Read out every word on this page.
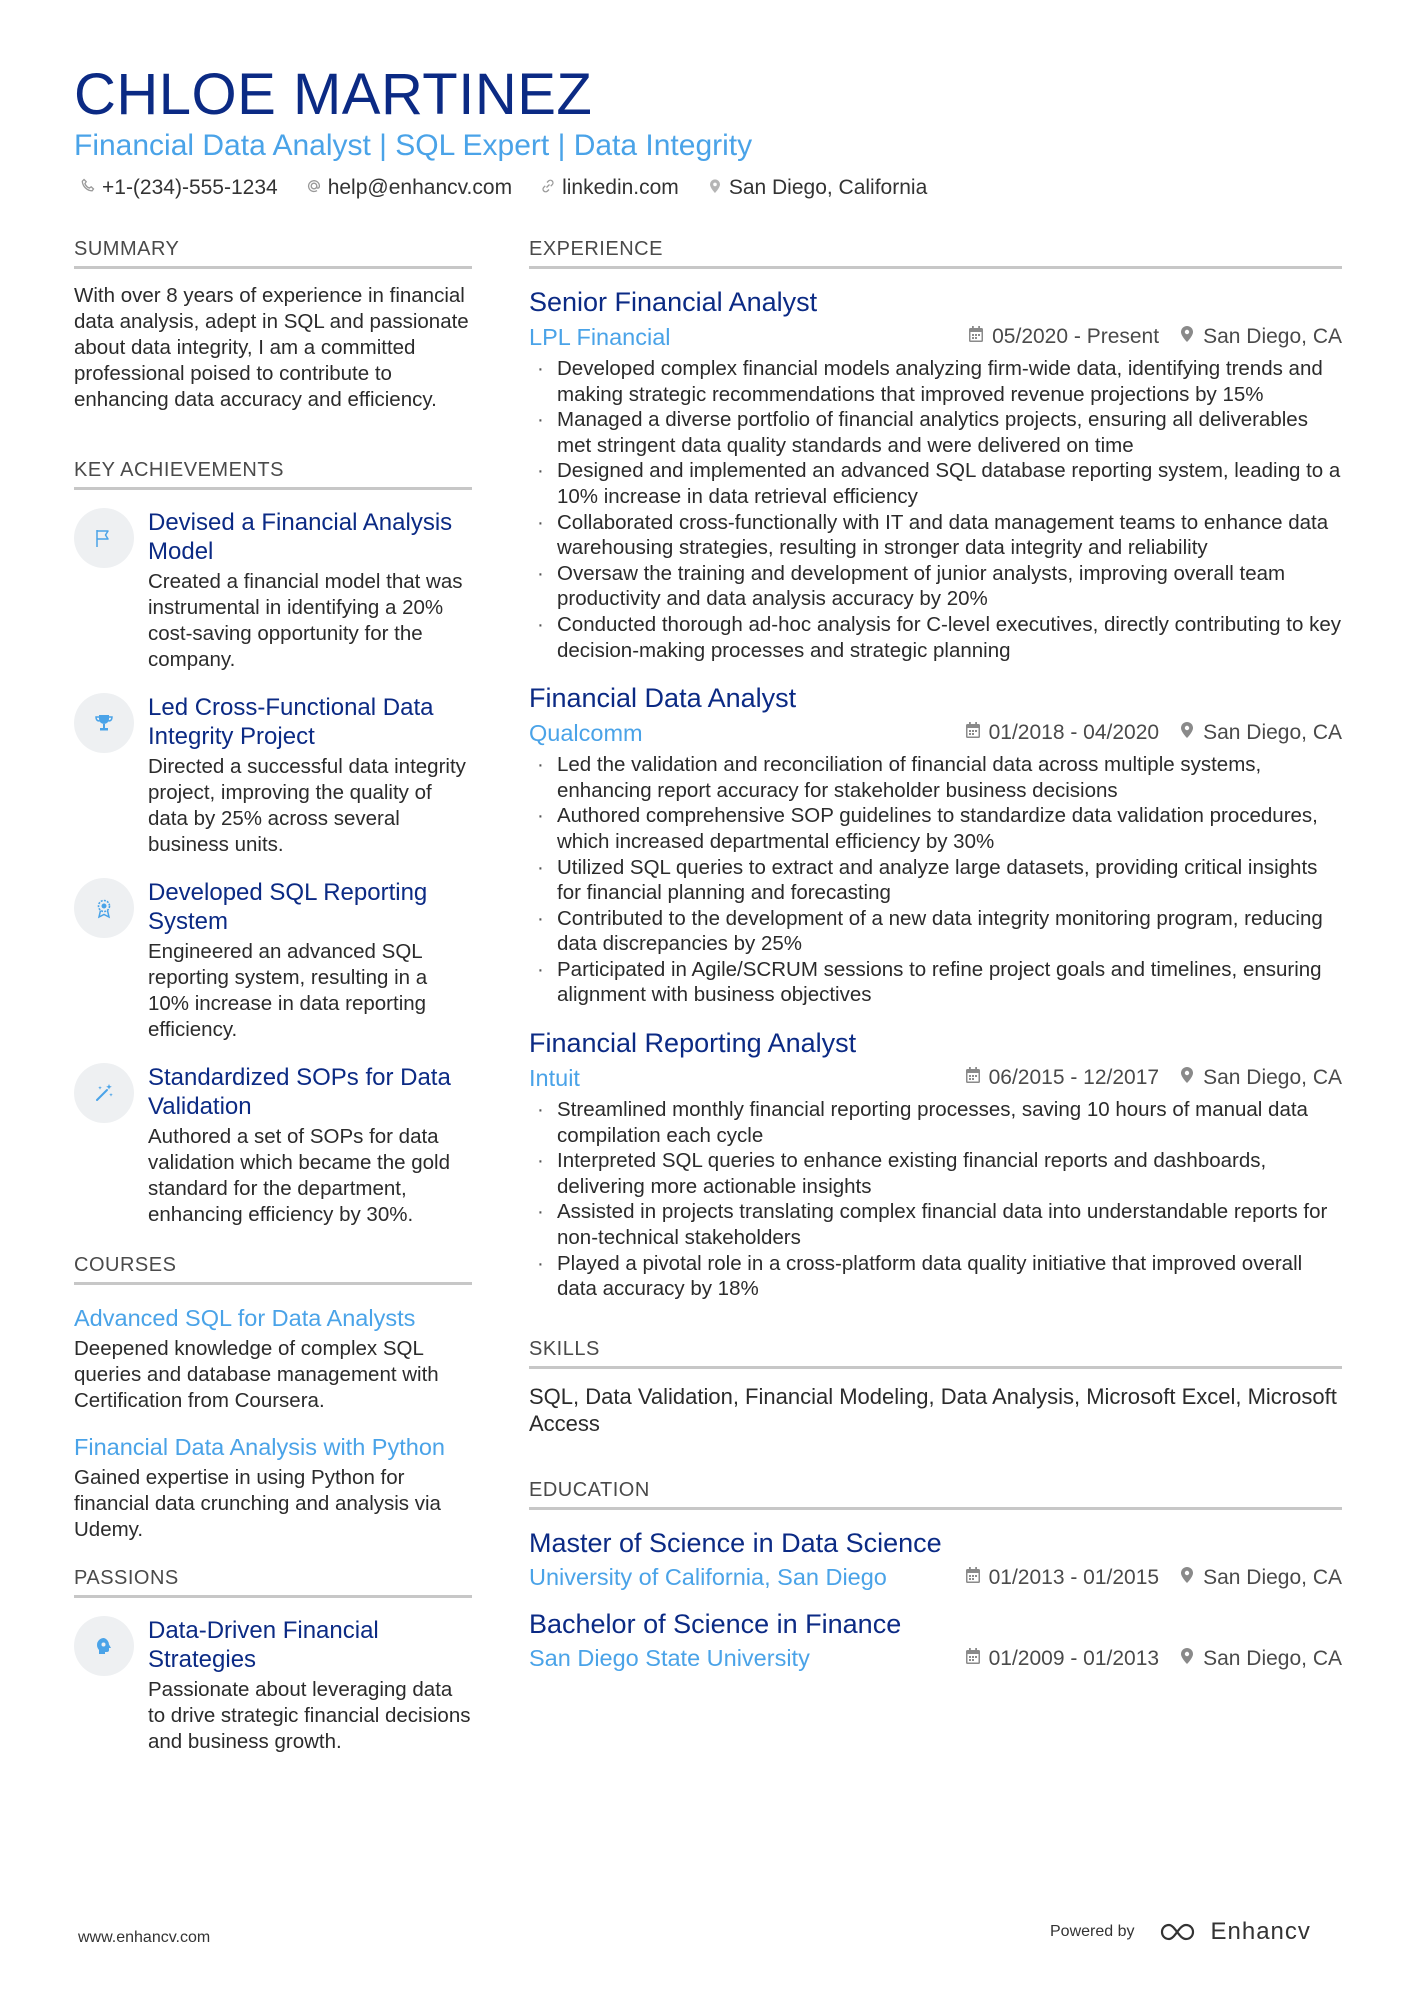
CHLOE MARTINEZ
Financial Data Analyst | SQL Expert | Data Integrity
+1-(234)-555-1234 help@enhancv.com linkedin.com San Diego, California
SUMMARY
With over 8 years of experience in financial data analysis, adept in SQL and passionate about data integrity, I am a committed professional poised to contribute to enhancing data accuracy and efficiency.
KEY ACHIEVEMENTS
Devised a Financial Analysis Model
Created a financial model that was instrumental in identifying a 20% cost-saving opportunity for the company.
Led Cross-Functional Data Integrity Project
Directed a successful data integrity project, improving the quality of data by 25% across several business units.
Developed SQL Reporting System
Engineered an advanced SQL reporting system, resulting in a 10% increase in data reporting efficiency.
Standardized SOPs for Data Validation
Authored a set of SOPs for data validation which became the gold standard for the department, enhancing efficiency by 30%.
COURSES
Advanced SQL for Data Analysts
Deepened knowledge of complex SQL queries and database management with Certification from Coursera.
Financial Data Analysis with Python
Gained expertise in using Python for financial data crunching and analysis via Udemy.
PASSIONS
Data-Driven Financial Strategies
Passionate about leveraging data to drive strategic financial decisions and business growth.
EXPERIENCE
Senior Financial Analyst
LPL Financial	05/2020 - Present San Diego, CA
· Developed complex financial models analyzing firm-wide data, identifying trends and making strategic recommendations that improved revenue projections by 15%
· Managed a diverse portfolio of financial analytics projects, ensuring all deliverables met stringent data quality standards and were delivered on time
· Designed and implemented an advanced SQL database reporting system, leading to a 10% increase in data retrieval efficiency
· Collaborated cross-functionally with IT and data management teams to enhance data warehousing strategies, resulting in stronger data integrity and reliability
· Oversaw the training and development of junior analysts, improving overall team productivity and data analysis accuracy by 20%
· Conducted thorough ad-hoc analysis for C-level executives, directly contributing to key decision-making processes and strategic planning
Financial Data Analyst
Qualcomm	01/2018 - 04/2020 San Diego, CA
· Led the validation and reconciliation of financial data across multiple systems, enhancing report accuracy for stakeholder business decisions
· Authored comprehensive SOP guidelines to standardize data validation procedures, which increased departmental efficiency by 30%
· Utilized SQL queries to extract and analyze large datasets, providing critical insights for financial planning and forecasting
· Contributed to the development of a new data integrity monitoring program, reducing data discrepancies by 25%
· Participated in Agile/SCRUM sessions to refine project goals and timelines, ensuring alignment with business objectives
Financial Reporting Analyst
Intuit	06/2015 - 12/2017 San Diego, CA
· Streamlined monthly financial reporting processes, saving 10 hours of manual data compilation each cycle
· Interpreted SQL queries to enhance existing financial reports and dashboards, delivering more actionable insights
· Assisted in projects translating complex financial data into understandable reports for non-technical stakeholders
· Played a pivotal role in a cross-platform data quality initiative that improved overall data accuracy by 18%
SKILLS
SQL, Data Validation, Financial Modeling, Data Analysis, Microsoft Excel, Microsoft Access
EDUCATION
Master of Science in Data Science
University of California, San Diego	01/2013 - 01/2015 San Diego, CA
Bachelor of Science in Finance
San Diego State University	01/2009 - 01/2013 San Diego, CA
www.enhancv.com	Powered by	Enhancv
